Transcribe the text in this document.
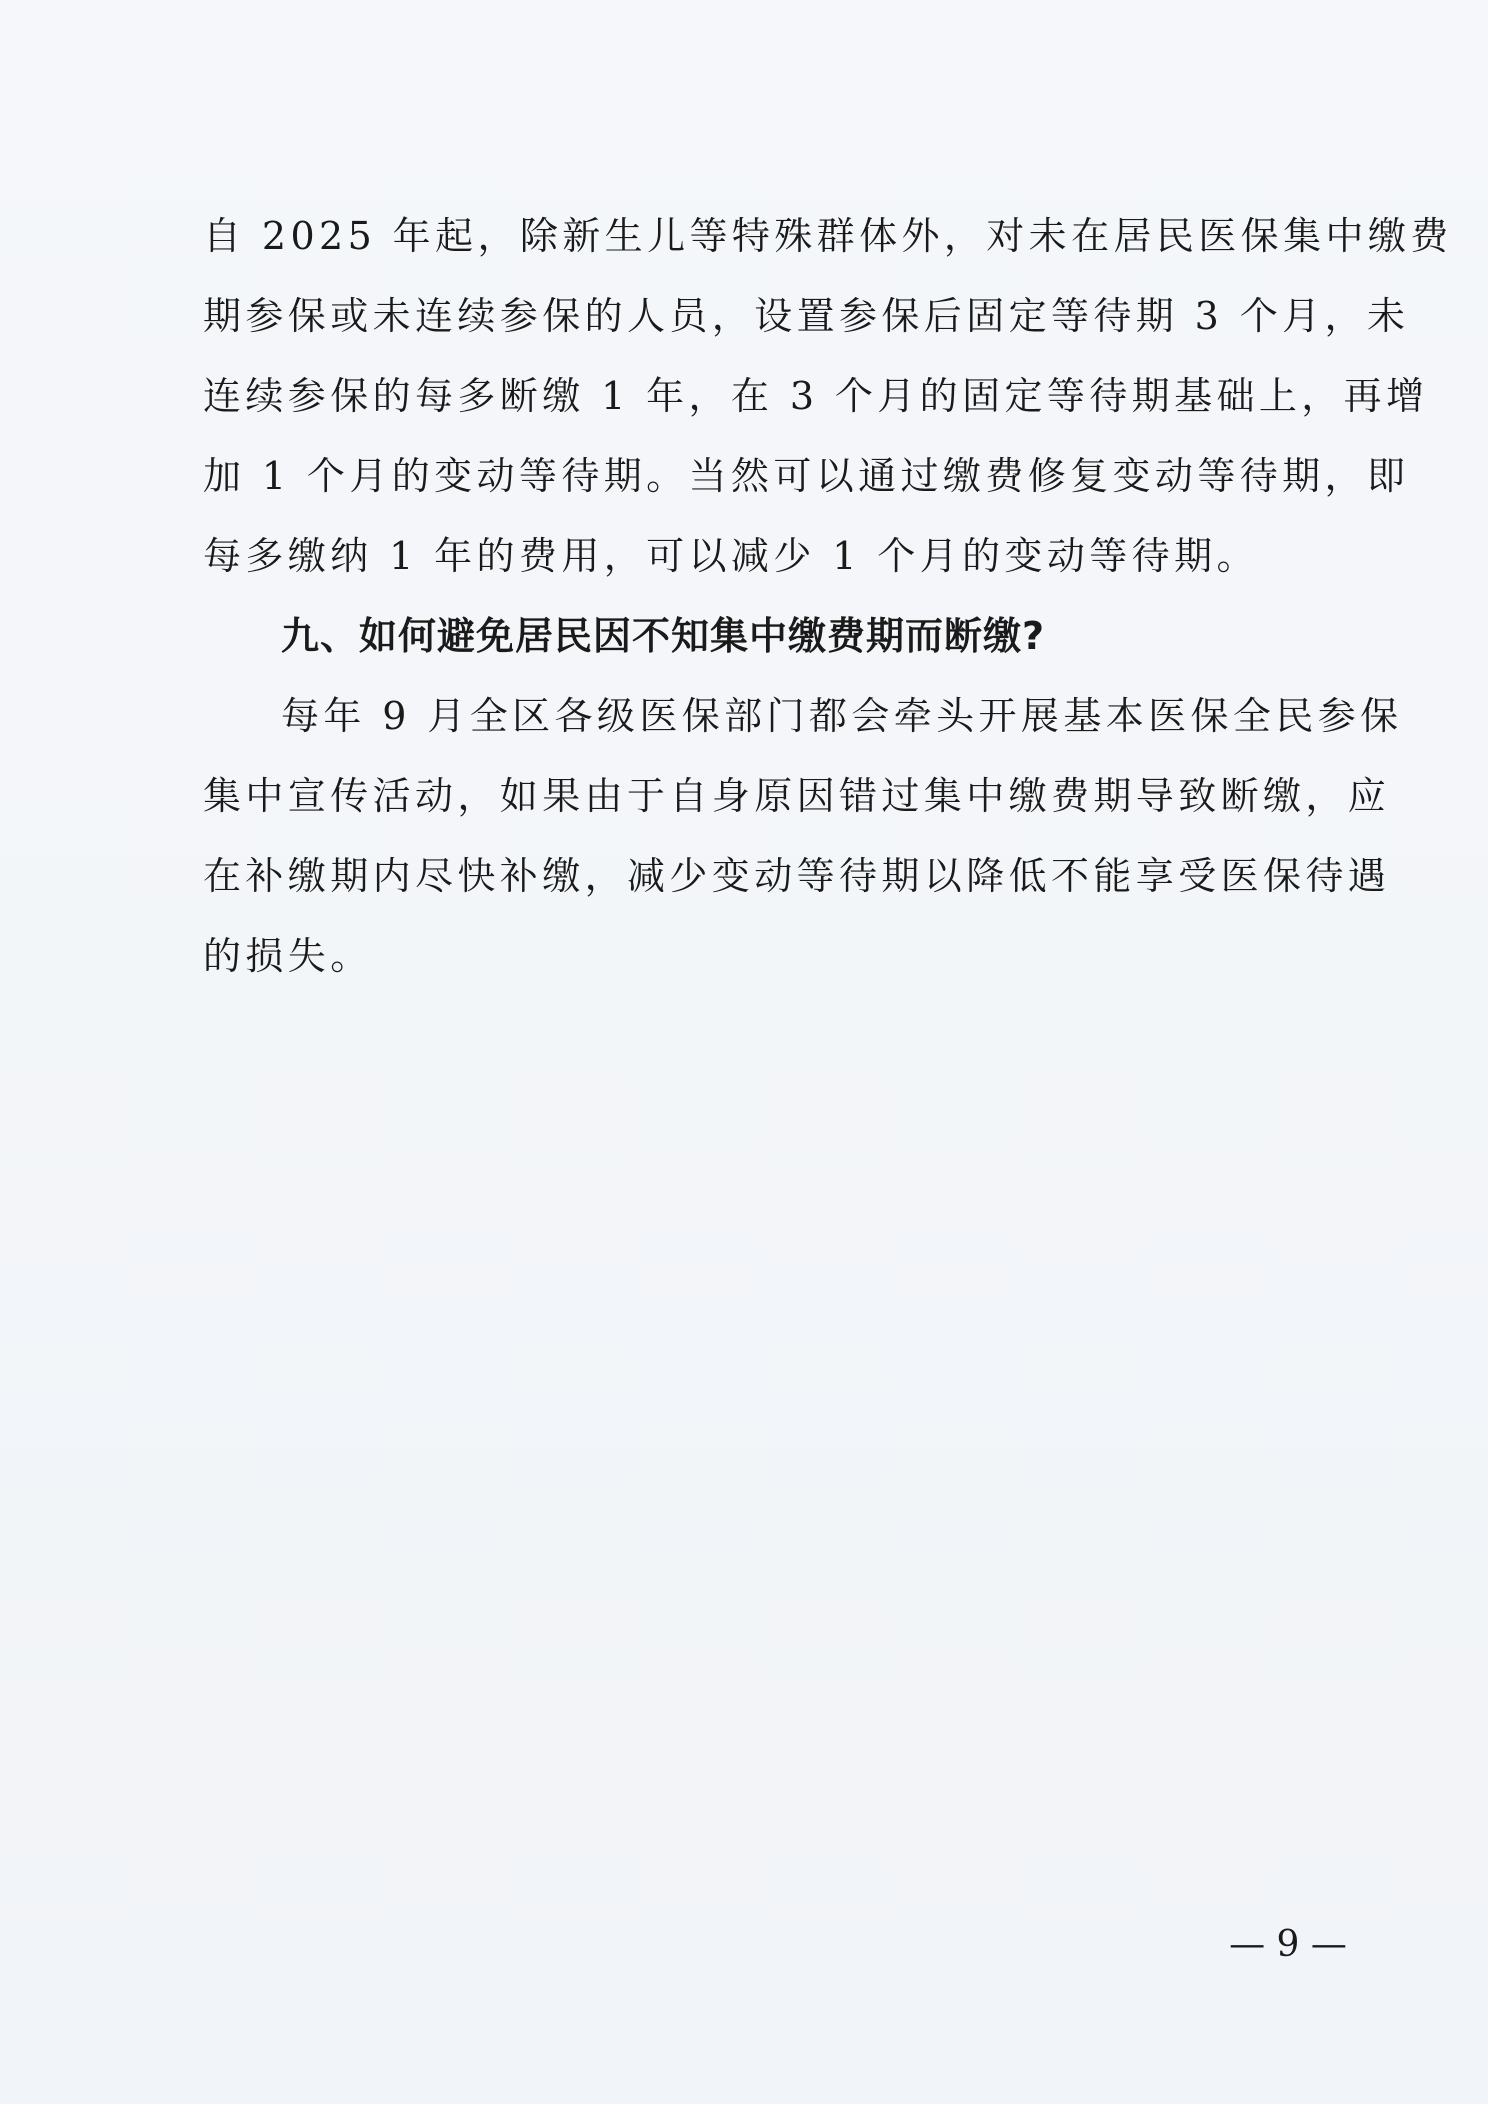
自 2025 年起，除新生儿等特殊群体外，对未在居民医保集中缴费
期参保或未连续参保的人员，设置参保后固定等待期 3 个月，未
连续参保的每多断缴 1 年，在 3 个月的固定等待期基础上，再增
加 1 个月的变动等待期。当然可以通过缴费修复变动等待期，即
每多缴纳 1 年的费用，可以减少 1 个月的变动等待期。
九、如何避免居民因不知集中缴费期而断缴?
每年 9 月全区各级医保部门都会牵头开展基本医保全民参保
集中宣传活动，如果由于自身原因错过集中缴费期导致断缴，应
在补缴期内尽快补缴，减少变动等待期以降低不能享受医保待遇
的损失。
— 9 —
